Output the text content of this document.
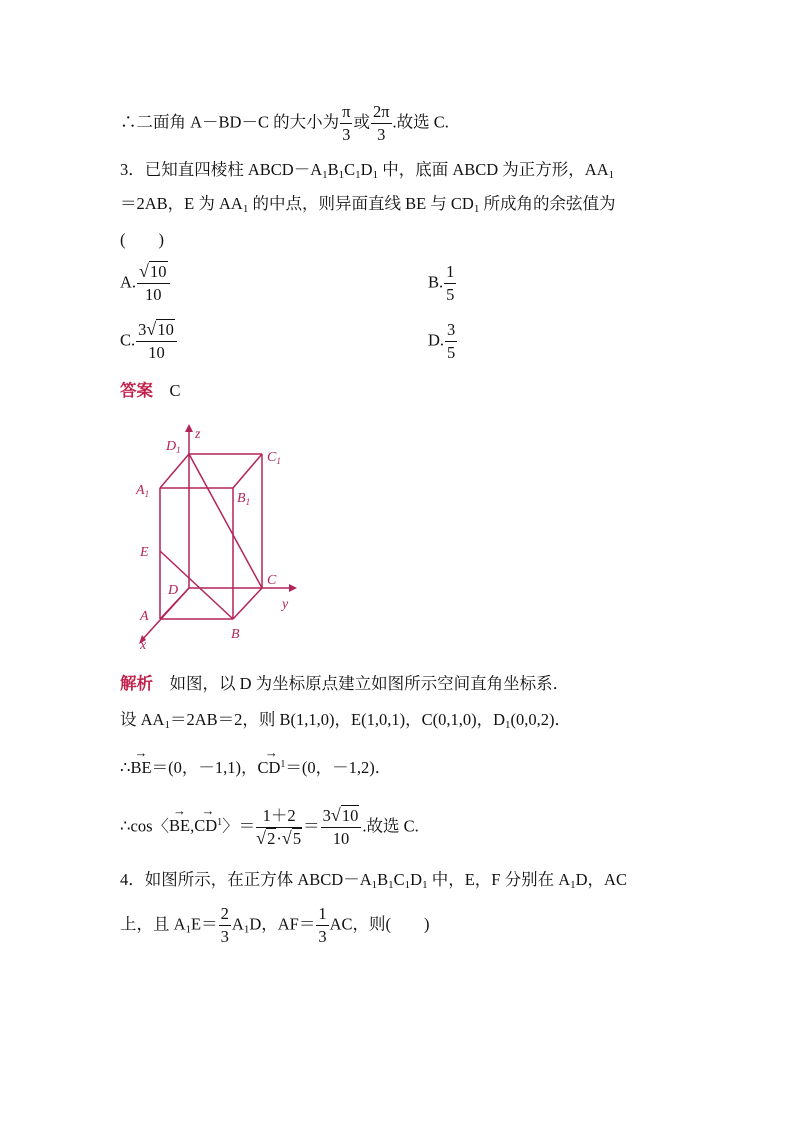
∴二面角 A－BD－C 的大小为 $\frac{\pi}{3}$ 或 $\frac{2\pi}{3}$ .故选 C.
3．已知直四棱柱 $ABCD-A_1B_1C_1D_1$ 中，底面 ABCD 为正方形，$AA_1$
＝2AB，E 为 $AA_1$ 的中点，则异面直线 BE 与 $CD_1$ 所成角的余弦值为
(　　)
A. $\frac{√ 10}{10}$	B. $\frac{1}{5}$
C. $\frac{3 √ 10}{10}$	D. $\frac{3}{5}$
答案　 C
$D_1$
z
$C_1$
$A_1$	$B_1$
E
D
C
y
A
B
x
解析　如图，以 D 为坐标原点建立如图所示空间直角坐标系．
设 $AA_1=2AB=2$，则 B(1,1,0)，E(1,0,1)，C(0,1,0)，$D_1(0,0,2)$．
∴
→
BE＝(0，－1,1)，
→
$CD^1=(0$，－1,2)．
∴cos〈
→
BE,
→
$CD^1$〉＝ $\frac{1+2}{√ 2\cdot √ 5} = \frac{3 √ 10}{10}$ .故选 C.
4．如图所示，在正方体 $ABCD-A_1B_1C_1D_1$ 中，E，F 分别在 $A_1D$，AC
上，且 $A_1E= \frac{2}{3} A_1D$，$AF= \frac{1}{3}$ AC，则(　　)
